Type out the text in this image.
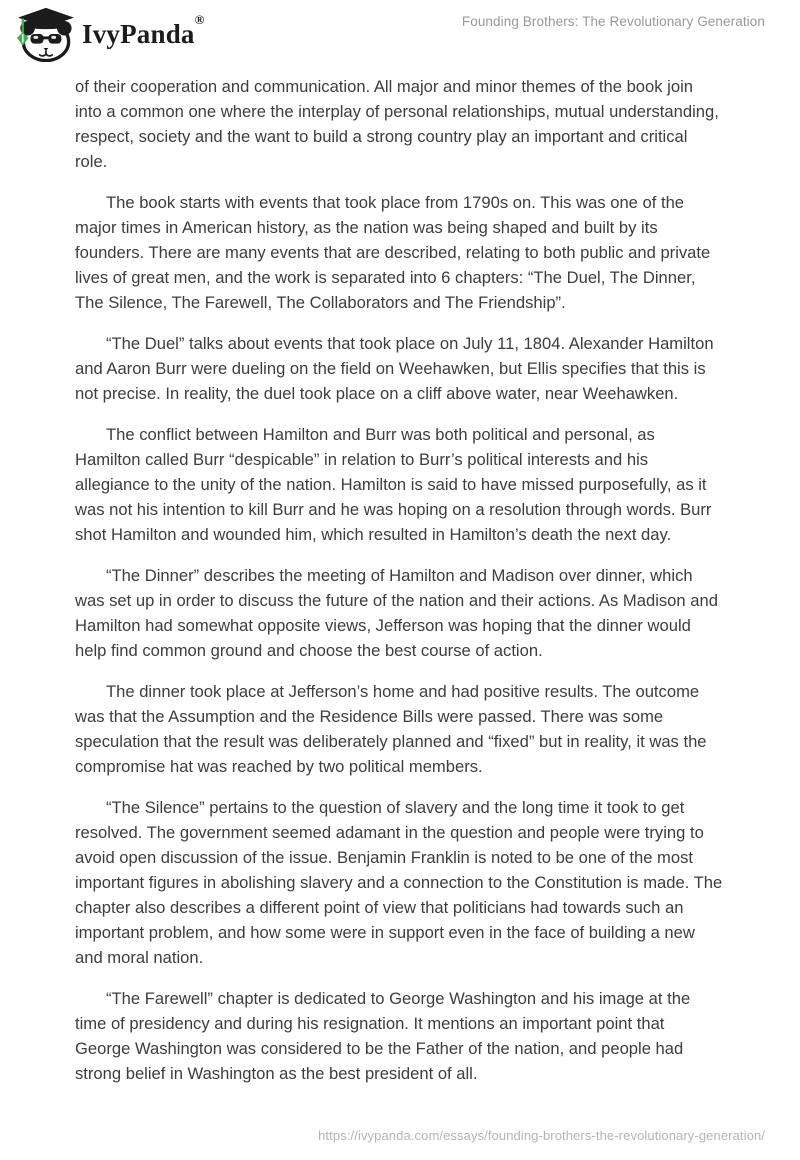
IvyPanda®	Founding Brothers: The Revolutionary Generation

of their cooperation and communication. All major and minor themes of the book join into a common one where the interplay of personal relationships, mutual understanding, respect, society and the want to build a strong country play an important and critical role.

The book starts with events that took place from 1790s on. This was one of the major times in American history, as the nation was being shaped and built by its founders. There are many events that are described, relating to both public and private lives of great men, and the work is separated into 6 chapters: “The Duel, The Dinner, The Silence, The Farewell, The Collaborators and The Friendship”.

“The Duel” talks about events that took place on July 11, 1804. Alexander Hamilton and Aaron Burr were dueling on the field on Weehawken, but Ellis specifies that this is not precise. In reality, the duel took place on a cliff above water, near Weehawken.

The conflict between Hamilton and Burr was both political and personal, as Hamilton called Burr “despicable” in relation to Burr’s political interests and his allegiance to the unity of the nation. Hamilton is said to have missed purposefully, as it was not his intention to kill Burr and he was hoping on a resolution through words. Burr shot Hamilton and wounded him, which resulted in Hamilton’s death the next day.

“The Dinner” describes the meeting of Hamilton and Madison over dinner, which was set up in order to discuss the future of the nation and their actions. As Madison and Hamilton had somewhat opposite views, Jefferson was hoping that the dinner would help find common ground and choose the best course of action.

The dinner took place at Jefferson’s home and had positive results. The outcome was that the Assumption and the Residence Bills were passed. There was some speculation that the result was deliberately planned and “fixed” but in reality, it was the compromise hat was reached by two political members.

“The Silence” pertains to the question of slavery and the long time it took to get resolved. The government seemed adamant in the question and people were trying to avoid open discussion of the issue. Benjamin Franklin is noted to be one of the most important figures in abolishing slavery and a connection to the Constitution is made. The chapter also describes a different point of view that politicians had towards such an important problem, and how some were in support even in the face of building a new and moral nation.

“The Farewell” chapter is dedicated to George Washington and his image at the time of presidency and during his resignation. It mentions an important point that George Washington was considered to be the Father of the nation, and people had strong belief in Washington as the best president of all.

https://ivypanda.com/essays/founding-brothers-the-revolutionary-generation/
